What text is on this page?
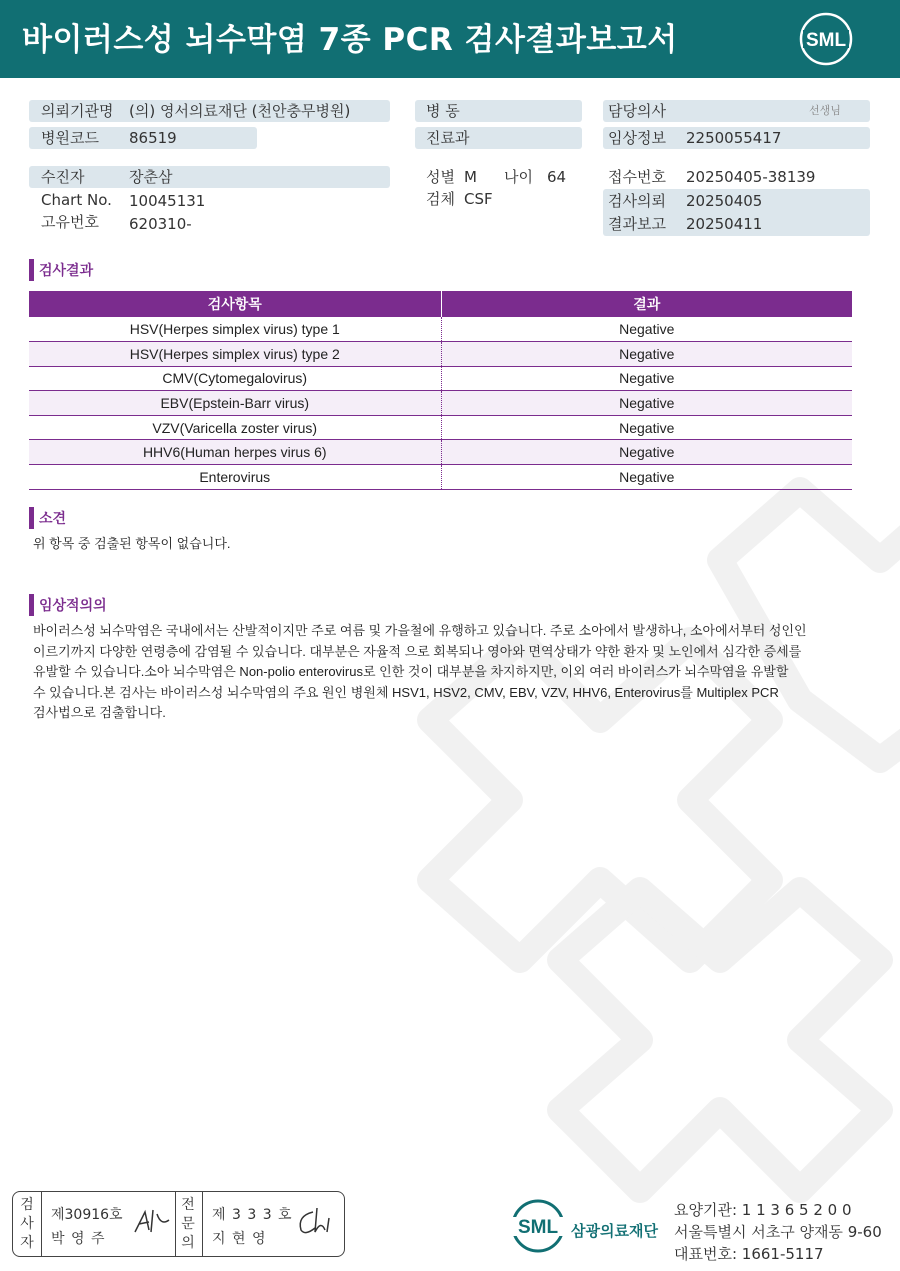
바이러스성 뇌수막염 7종 PCR 검사결과보고서	SML
의뢰기관명 (의) 영서의료재단 (천안충무병원)
병원코드 86519
병 동
진료과
담당의사	선생님
임상정보 2250055417
수진자	장춘삼
Chart No. 10045131
고유번호 620310-
성별 M 나이 64
검체 CSF
접수번호 20250405-38139
검사의뢰 20250405
결과보고 20250411
검사결과
검사항목	결과
HSV(Herpes simplex virus) type 1	Negative
HSV(Herpes simplex virus) type 2	Negative
CMV(Cytomegalovirus)	Negative
EBV(Epstein-Barr virus)	Negative
VZV(Varicella zoster virus)	Negative
HHV6(Human herpes virus 6)	Negative
Enterovirus	Negative
소견
위 항목 중 검출된 항목이 없습니다.
임상적의의
바이러스성 뇌수막염은 국내에서는 산발적이지만 주로 여름 및 가을철에 유행하고 있습니다. 주로 소아에서 발생하나, 소아에서부터 성인인
이르기까지 다양한 연령층에 감염될 수 있습니다. 대부분은 자율적 으로 회복되나 영아와 면역상태가 약한 환자 및 노인에서 심각한 증세를
유발할 수 있습니다.소아 뇌수막염은 Non-polio enterovirus로 인한 것이 대부분을 차지하지만, 이외 여러 바이러스가 뇌수막염을 유발할
수 있습니다.본 검사는 바이러스성 뇌수막염의 주요 원인 병원체 HSV1, HSV2, CMV, EBV, VZV, HHV6, Enterovirus를 Multiplex PCR
검사법으로 검출합니다.
검
사
자
제30916호
박 영 주
전
문
의
제 3 3 3 호
지 현 영
SML 삼광의료재단
요양기관: 1 1 3 6 5 2 0 0
서울특별시 서초구 양재동 9-60
대표번호: 1661-5117
